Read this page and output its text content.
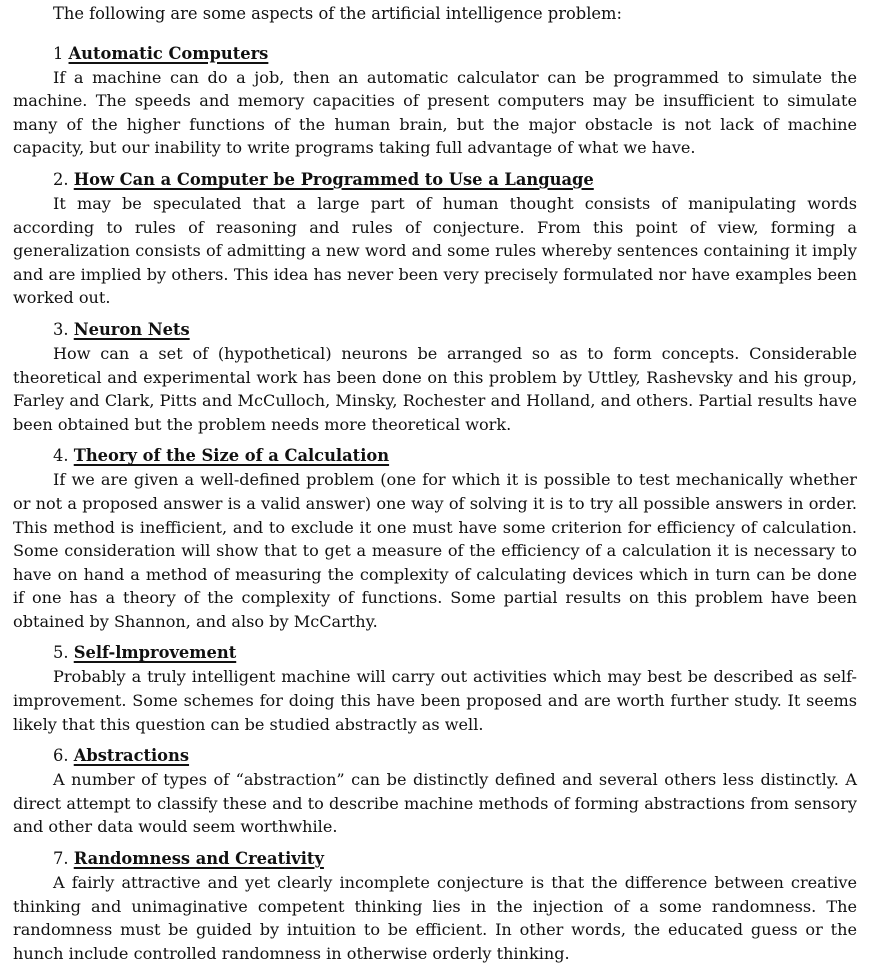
The following are some aspects of the artificial intelligence problem:

1 Automatic Computers

If a machine can do a job, then an automatic calculator can be programmed to simulate the machine. The speeds and memory capacities of present computers may be insufficient to simulate many of the higher functions of the human brain, but the major obstacle is not lack of machine capacity, but our inability to write programs taking full advantage of what we have.

2. How Can a Computer be Programmed to Use a Language

It may be speculated that a large part of human thought consists of manipulating words according to rules of reasoning and rules of conjecture. From this point of view, forming a generalization consists of admitting a new word and some rules whereby sentences containing it imply and are implied by others. This idea has never been very precisely formulated nor have examples been worked out.

3. Neuron Nets

How can a set of (hypothetical) neurons be arranged so as to form concepts. Considerable theoretical and experimental work has been done on this problem by Uttley, Rashevsky and his group, Farley and Clark, Pitts and McCulloch, Minsky, Rochester and Holland, and others. Partial results have been obtained but the problem needs more theoretical work.

4. Theory of the Size of a Calculation

If we are given a well-defined problem (one for which it is possible to test mechanically whether or not a proposed answer is a valid answer) one way of solving it is to try all possible answers in order. This method is inefficient, and to exclude it one must have some criterion for efficiency of calculation. Some consideration will show that to get a measure of the efficiency of a calculation it is necessary to have on hand a method of measuring the complexity of calculating devices which in turn can be done if one has a theory of the complexity of functions. Some partial results on this problem have been obtained by Shannon, and also by McCarthy.

5. Self-lmprovement

Probably a truly intelligent machine will carry out activities which may best be described as self-improvement. Some schemes for doing this have been proposed and are worth further study. It seems likely that this question can be studied abstractly as well.

6. Abstractions

A number of types of “abstraction” can be distinctly defined and several others less distinctly. A direct attempt to classify these and to describe machine methods of forming abstractions from sensory and other data would seem worthwhile.

7. Randomness and Creativity

A fairly attractive and yet clearly incomplete conjecture is that the difference between creative thinking and unimaginative competent thinking lies in the injection of a some randomness. The randomness must be guided by intuition to be efficient. In other words, the educated guess or the hunch include controlled randomness in otherwise orderly thinking.
